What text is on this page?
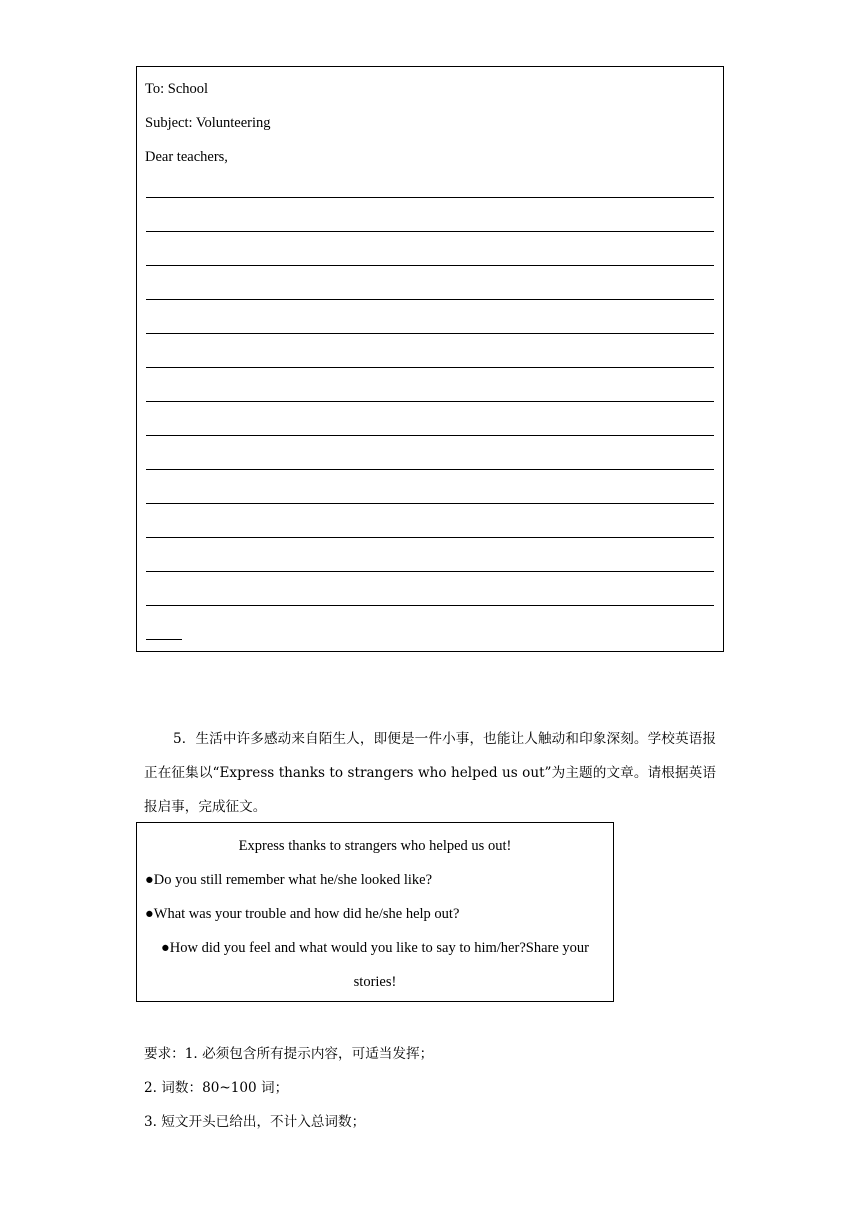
To: School
Subject: Volunteering
Dear teachers,
5．生活中许多感动来自陌生人，即便是一件小事，也能让人触动和印象深刻。学校英语报正在征集以“Express thanks to strangers who helped us out”为主题的文章。请根据英语报启事，完成征文。
Express thanks to strangers who helped us out!
●Do you still remember what he/she looked like?
●What was your trouble and how did he/she help out?
●How did you feel and what would you like to say to him/her?Share your
stories!
要求：1. 必须包含所有提示内容，可适当发挥；
2. 词数：80~100 词；
3. 短文开头已给出，不计入总词数；
